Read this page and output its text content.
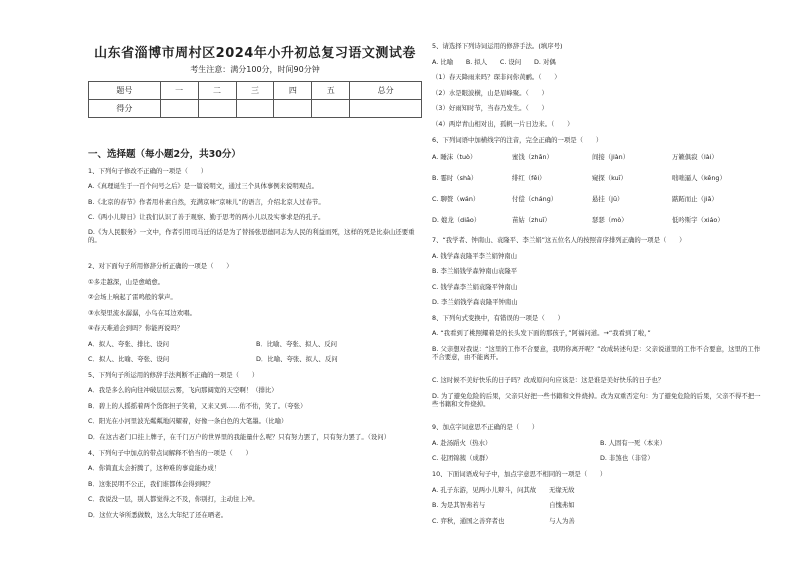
山东省淄博市周村区2024年小升初总复习语文测试卷
考生注意：满分100分，时间90分钟
题号	一	二	三	四	五	总分
得分						
一、选择题（每小题2分，共30分）
1、下列句子修改不正确的一项是（　　）
A.《真理诞生于一百个问号之后》是一篇说明文，通过三个具体事例来说明观点。
B.《北京的春节》作者用朴素自然，充满京味“京味儿”的语言，介绍北京人过春节。
C.《两小儿辩日》让我们认识了善于观察、勤于思考的两小儿以及实事求是的孔子。
D.《为人民服务》一文中，作者引用司马迁的话是为了替扬张思德同志为人民的利益而死，这样的死是比泰山还要重的。
2、对下面句子所用修辞分析正确的一项是（　　）
①多走越深，山是愈峭愈。
②会场上响起了雷鸣般的掌声。
③水渠里流水潺潺，小鸟在耳边欢唱。
④春天难道会到吗？你能再说吗？
A．拟人、夸张、排比、设问	B．比喻、夸张、拟人、反问
C．拟人、比喻、夸张、设问	D．比喻、夸张、拟人、反问
5、下列句子所运用的修辞手法判断不正确的一项是（　　）
A．我是多么的向往冲破层层云雾，飞向那阔宽的天空啊！（排比）
B．碧上的人摇摇着两个货郎担子笑着，又来又到……佑不佑，笑了。（夸张）
C．阳光在小河里波光粼粼地闪耀着，好像一条白色的大笔墨。（比喻）
D．在这古老门口挂上牌子，在千门万户的世界里的我能量什么呢？只有努力罢了，只有努力罢了。（设问）
4、下列句子中加点的带点词解释不恰当的一项是（　　）
A．你简直太会折腾了，这种难的事竟能办成！
B．这张民明不公正，我们谁都体会得到呢？
C．我说没一层，别人都觉得之不及，你别打，主动往上冲。
D．这位大爷所悉做数，这么大年纪了还在晒老。
5、请选择下列诗词运用的修辞手法。(填序号)
A. 比喻　　B. 拟人　　C. 设问　　D. 对偶
（1）春天降雨来吗？琛非问你黄鹂。（　　）
（2）水是眼波横，山是眉峰聚。（　　）
（3）好雨知时节，当春乃发生。（　　）
（4）两岸青山相对出，孤帆一片日边来。（　　）
6、下列词语中加横线字的注音，完全正确的一项是（　　）
A. 睡沫（tuò）	蜜饯（zhǎn）	间接（jiàn）	万籁俱寂（lài）
B. 霎时（shà）	绯红（fěi）	窥探（kuī）	咄咄逼人（kěng）
C. 聊赘（wán）	付偿（cháng）	悬挂（jū）	踮跖而止（jiǎ）
D. 媲龙（diāo）	苗姑（zhuī）	瑟瑟（mò）	低吟斯宇（xiáo）
7、“我学者、钟南山、袁隆平、李兰娟”这五位名人的按照音序排列正确的一项是（　　）
A. 钱学森袁隆平李兰娟钟南山
B. 李兰娟钱学森钟南山袁隆平
C. 钱学森李兰娟袁隆平钟南山
D. 李兰娟钱学森袁隆平钟南山
8、下列句式变换中，有错误的一项是（　　）
A. “我看到了桃照耀着是的长头发下面的那孩子，”阿福问道。→“我看到了啦，”
B. 父亲想对我说：“这里的工作不合要意，我明你离开呢？”改成转述句是：父亲说道里的工作不合要意，这里的工作不合要意，由不能离开。
C. 这时候不美好快乐的日子吗？改成原问句应该是：这是谁是美好快乐的日子也？
D. 为了避免危险的后果，父亲只好把一些书籍和文件烧掉。改为双重否定句：为了避免危险的后果，父亲不得不把一些书籍和文件烧掉。
9、加点字词意思不正确的是（　　）
A. 赴汤蹈火（热水）	B. 人固有一死（本来）
C. 花团锦簇（成群）	D. 非煞也（非常）
10、下面词语成句子中，加点字意思不相同的一项是（　　）
A. 孔子东游，见两小儿辩斗，问其故　　无缘无故
B. 为是其智弗若与　　　　　　　　　　自愧弗如
C. 弈秋，通国之善弈者也　　　　　　　与人为善
